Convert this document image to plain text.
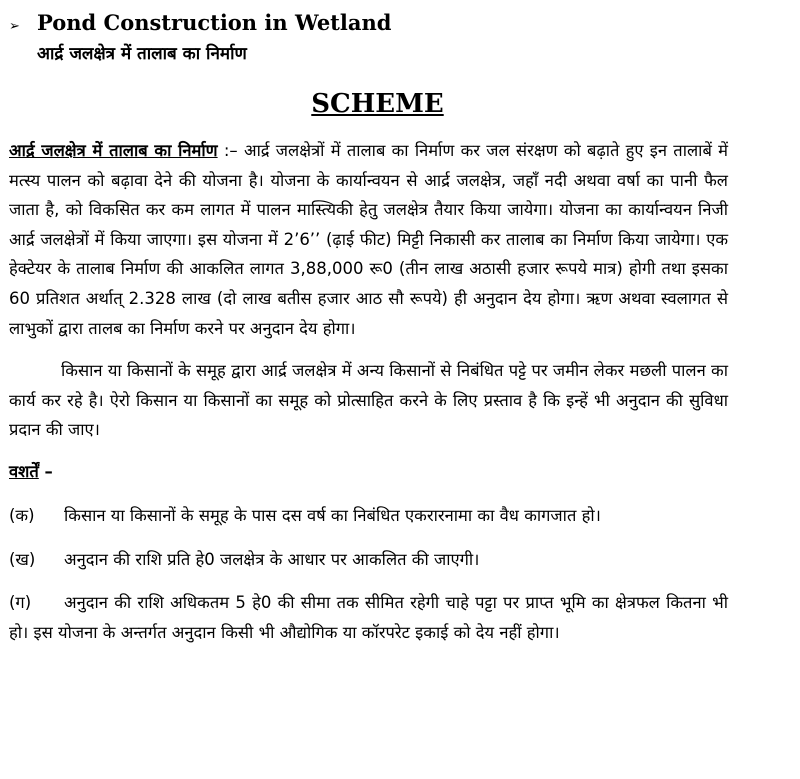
➢ Pond Construction in Wetland
आर्द्र जलक्षेत्र में तालाब का निर्माण
SCHEME

आर्द्र जलक्षेत्र में तालाब का निर्माण :– आर्द्र जलक्षेत्रों में तालाब का निर्माण कर जल संरक्षण को बढ़ाते हुए इन तालाबें में मत्स्य पालन को बढ़ावा देने की योजना है। योजना के कार्यान्वयन से आर्द्र जलक्षेत्र, जहाँ नदी अथवा वर्षा का पानी फैल जाता है, को विकसित कर कम लागत में पालन मास्त्यिकी हेतु जलक्षेत्र तैयार किया जायेगा। योजना का कार्यान्वयन निजी आर्द्र जलक्षेत्रों में किया जाएगा। इस योजना में 2’6’’ (ढ़ाई फीट) मिट्टी निकासी कर तालाब का निर्माण किया जायेगा। एक हेक्टेयर के तालाब निर्माण की आकलित लागत 3,88,000 रू0 (तीन लाख अठासी हजार रूपये मात्र) होगी तथा इसका 60 प्रतिशत अर्थात् 2.328 लाख (दो लाख बतीस हजार आठ सौ रूपये) ही अनुदान देय होगा। ऋण अथवा स्वलागत से लाभुकों द्वारा तालब का निर्माण करने पर अनुदान देय होगा।

किसान या किसानों के समूह द्वारा आर्द्र जलक्षेत्र में अन्य किसानों से निबंधित पट्टे पर जमीन लेकर मछली पालन का कार्य कर रहे है। ऐरो किसान या किसानों का समूह को प्रोत्साहित करने के लिए प्रस्ताव है कि इन्हें भी अनुदान की सुविधा प्रदान की जाए।

वशर्तें –

(क) किसान या किसानों के समूह के पास दस वर्ष का निबंधित एकरारनामा का वैध कागजात हो।

(ख) अनुदान की राशि प्रति हे0 जलक्षेत्र के आधार पर आकलित की जाएगी।

(ग) अनुदान की राशि अधिकतम 5 हे0 की सीमा तक सीमित रहेगी चाहे पट्टा पर प्राप्त भूमि का क्षेत्रफल कितना भी हो। इस योजना के अन्तर्गत अनुदान किसी भी औद्योगिक या कॉरपरेट इकाई को देय नहीं होगा।
